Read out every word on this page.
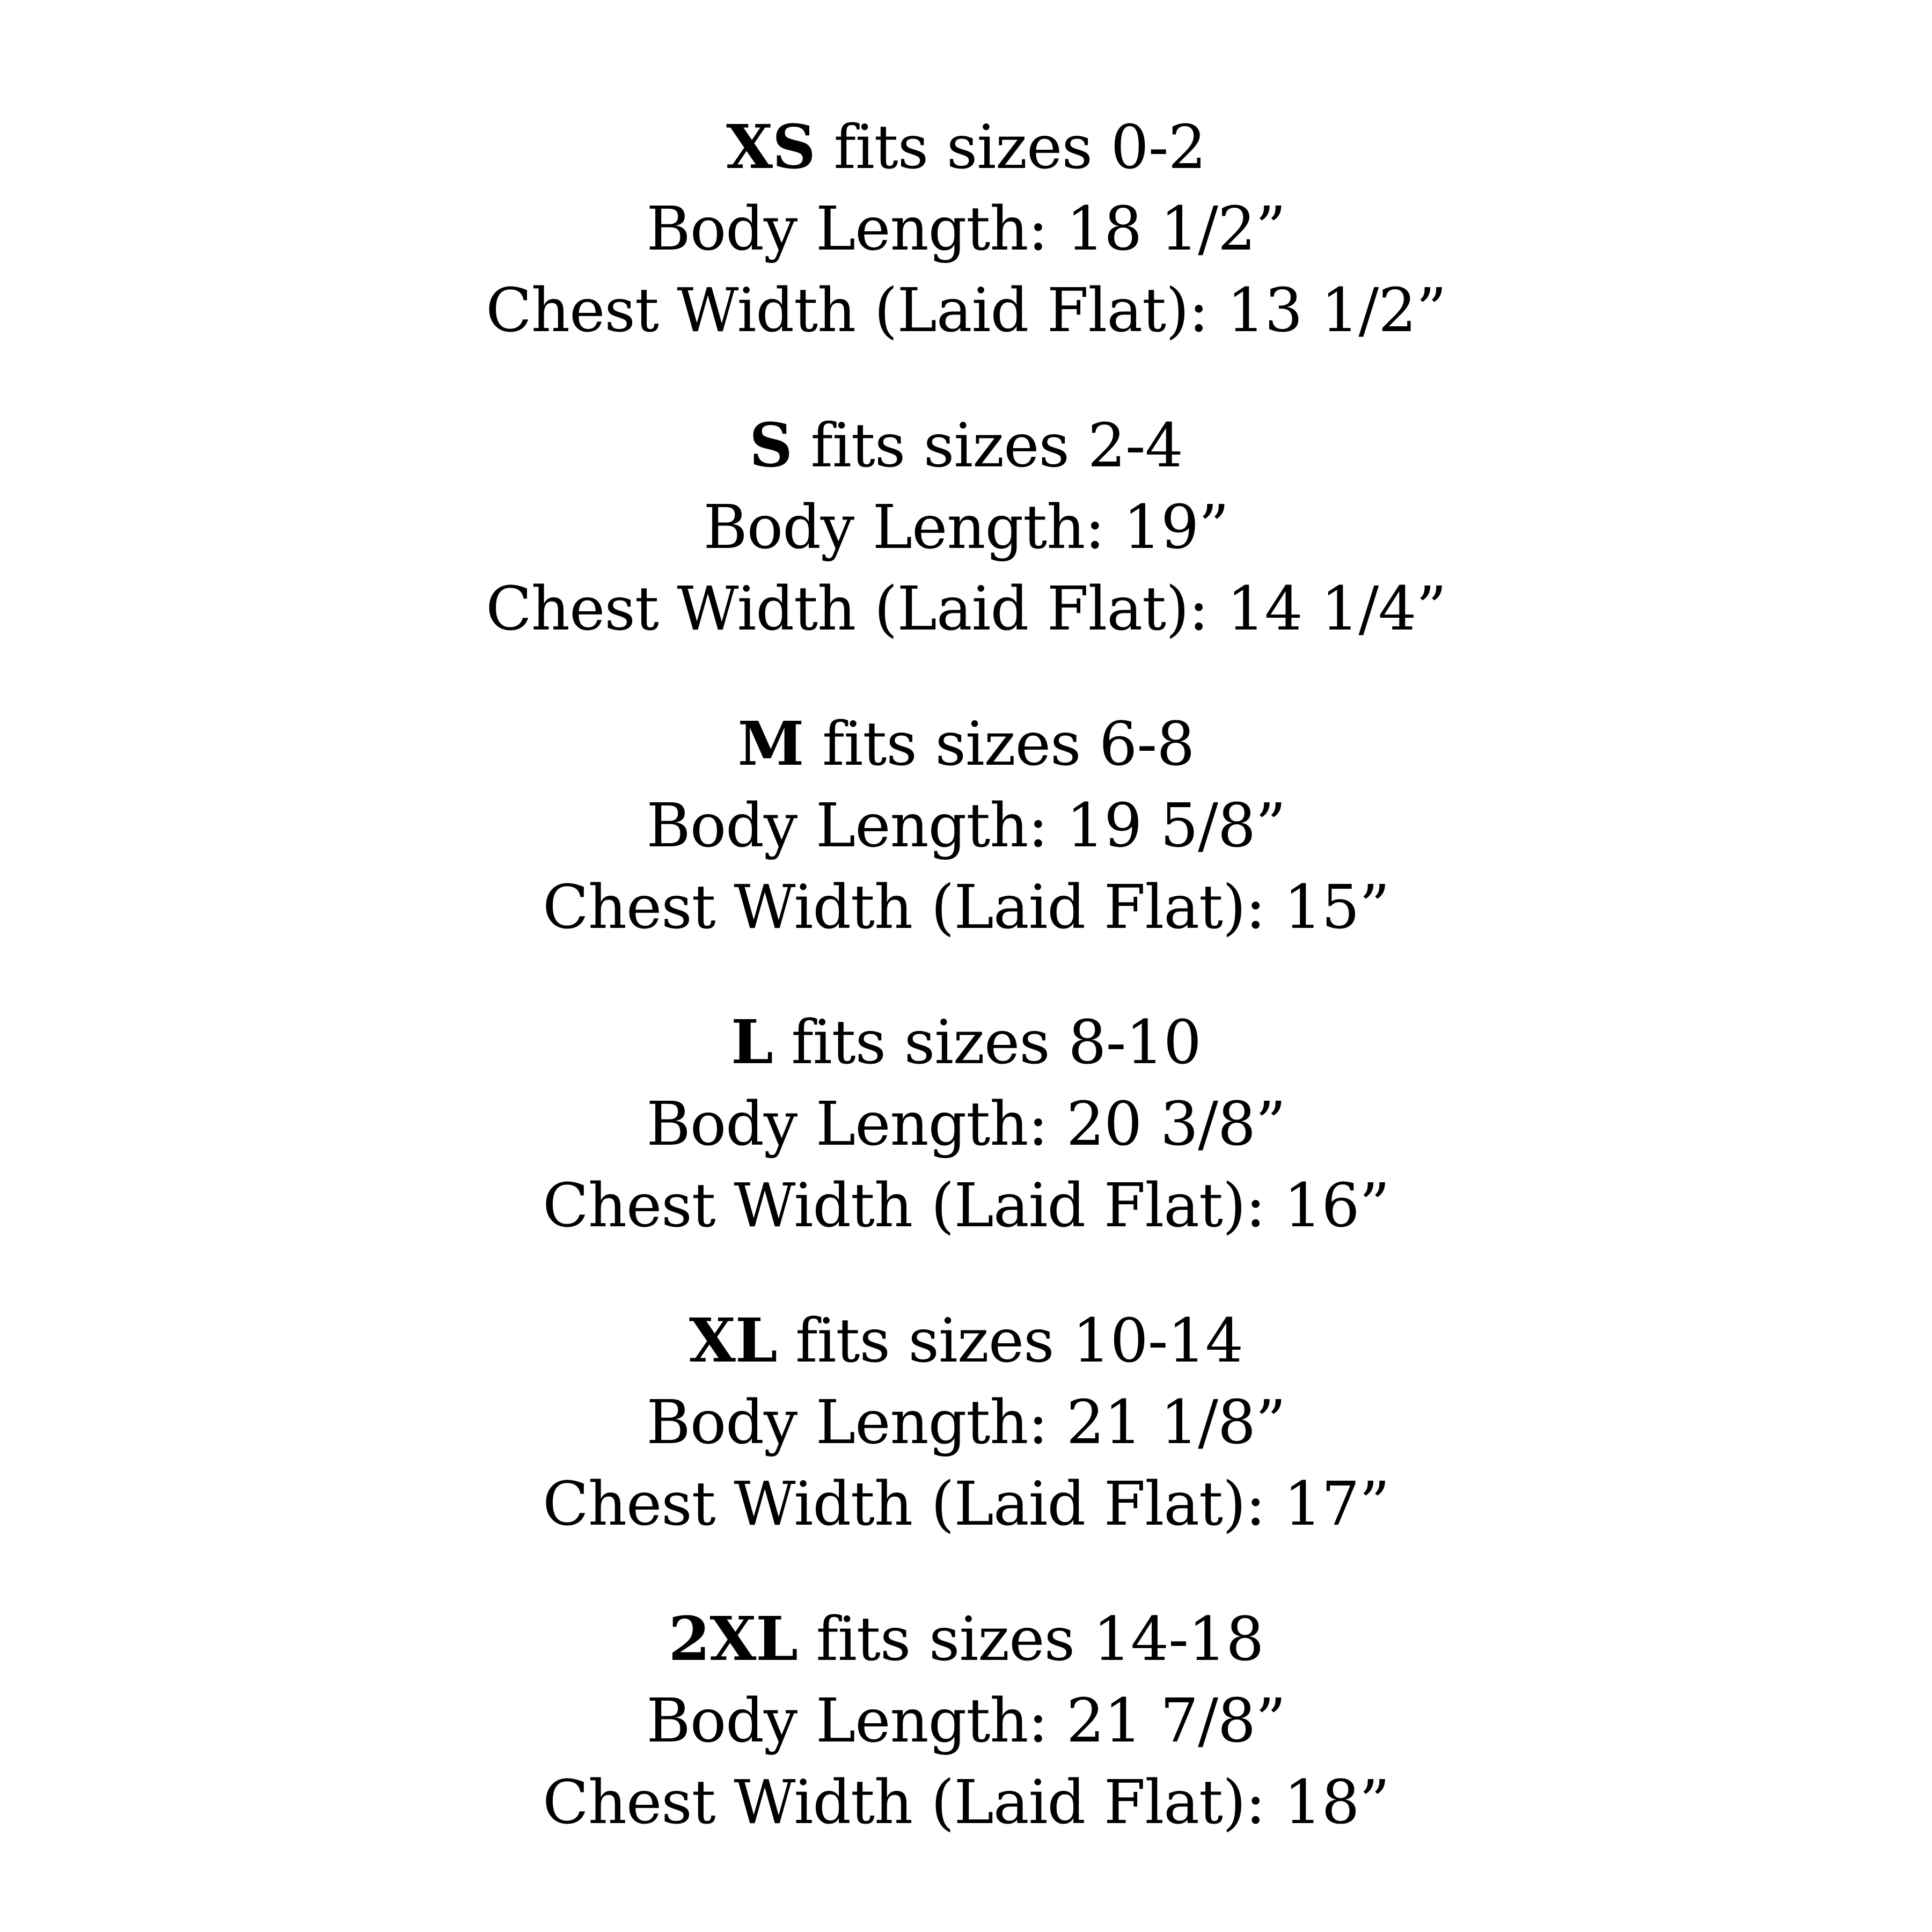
XS fits sizes 0-2
Body Length: 18 1/2”
Chest Width (Laid Flat): 13 1/2”
S fits sizes 2-4
Body Length: 19”
Chest Width (Laid Flat): 14 1/4”
M fits sizes 6-8
Body Length: 19 5/8”
Chest Width (Laid Flat): 15”
L fits sizes 8-10
Body Length: 20 3/8”
Chest Width (Laid Flat): 16”
XL fits sizes 10-14
Body Length: 21 1/8”
Chest Width (Laid Flat): 17”
2XL fits sizes 14-18
Body Length: 21 7/8”
Chest Width (Laid Flat): 18”
